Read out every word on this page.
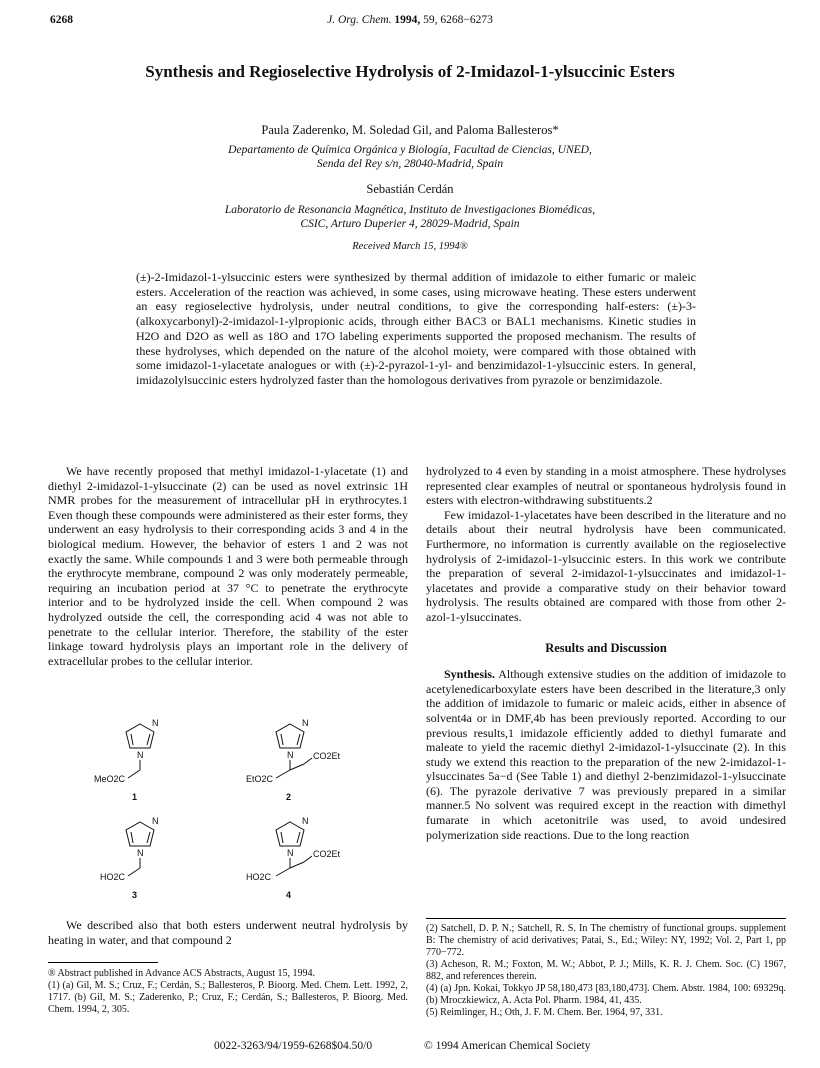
6268	J. Org. Chem. 1994, 59, 6268−6273
Synthesis and Regioselective Hydrolysis of 2-Imidazol-1-ylsuccinic Esters
Paula Zaderenko, M. Soledad Gil, and Paloma Ballesteros*
Departamento de Química Orgánica y Biología, Facultad de Ciencias, UNED,
Senda del Rey s/n, 28040-Madrid, Spain
Sebastián Cerdán
Laboratorio de Resonancia Magnética, Instituto de Investigaciones Biomédicas,
CSIC, Arturo Duperier 4, 28029-Madrid, Spain
Received March 15, 1994®
(±)-2-Imidazol-1-ylsuccinic esters were synthesized by thermal addition of imidazole to either fumaric or maleic esters. Acceleration of the reaction was achieved, in some cases, using microwave heating. These esters underwent an easy regioselective hydrolysis, under neutral conditions, to give the corresponding half-esters: (±)-3-(alkoxycarbonyl)-2-imidazol-1-ylpropionic acids, through either BAC3 or BAL1 mechanisms. Kinetic studies in H2O and D2O as well as 18O and 17O labeling experiments supported the proposed mechanism. The results of these hydrolyses, which depended on the nature of the alcohol moiety, were compared with those obtained with some imidazol-1-ylacetate analogues or with (±)-2-pyrazol-1-yl- and benzimidazol-1-ylsuccinic esters. In general, imidazolylsuccinic esters hydrolyzed faster than the homologous derivatives from pyrazole or benzimidazole.

We have recently proposed that methyl imidazol-1-ylacetate (1) and diethyl 2-imidazol-1-ylsuccinate (2) can be used as novel extrinsic 1H NMR probes for the measurement of intracellular pH in erythrocytes.1 Even though these compounds were administered as their ester forms, they underwent an easy hydrolysis to their corresponding acids 3 and 4 in the biological medium. However, the behavior of esters 1 and 2 was not exactly the same. While compounds 1 and 3 were both permeable through the erythrocyte membrane, compound 2 was only moderately permeable, requiring an incubation period at 37 °C to penetrate the erythrocyte interior and to be hydrolyzed inside the cell. When compound 2 was hydrolyzed outside the cell, the corresponding acid 4 was not able to penetrate to the cellular interior. Therefore, the stability of the ester linkage toward hydrolysis plays an important role in the delivery of extracellular probes to the cellular interior.

N
N
MeO2C
1
N
N CO2Et
EtO2C
2
N
N
HO2C
3
N
N CO2Et
HO2C
4

We described also that both esters underwent neutral hydrolysis by heating in water, and that compound 2

® Abstract published in Advance ACS Abstracts, August 15, 1994.
(1) (a) Gil, M. S.; Cruz, F.; Cerdán, S.; Ballesteros, P. Bioorg. Med. Chem. Lett. 1992, 2, 1717. (b) Gil, M. S.; Zaderenko, P.; Cruz, F.; Cerdán, S.; Ballesteros, P. Bioorg. Med. Chem. 1994, 2, 305.

hydrolyzed to 4 even by standing in a moist atmosphere. These hydrolyses represented clear examples of neutral or spontaneous hydrolysis found in esters with electron-withdrawing substituents.2

Few imidazol-1-ylacetates have been described in the literature and no details about their neutral hydrolysis have been communicated. Furthermore, no information is currently available on the regioselective hydrolysis of 2-imidazol-1-ylsuccinic esters. In this work we contribute the preparation of several 2-imidazol-1-ylsuccinates and imidazol-1-ylacetates and provide a comparative study on their behavior toward hydrolysis. The results obtained are compared with those from other 2-azol-1-ylsuccinates.

Results and Discussion

Synthesis. Although extensive studies on the addition of imidazole to acetylenedicarboxylate esters have been described in the literature,3 only the addition of imidazole to fumaric or maleic acids, either in absence of solvent4a or in DMF,4b has been previously reported. According to our previous results,1 imidazole efficiently added to diethyl fumarate and maleate to yield the racemic diethyl 2-imidazol-1-ylsuccinate (2). In this study we extend this reaction to the preparation of the new 2-imidazol-1-ylsuccinates 5a−d (See Table 1) and diethyl 2-benzimidazol-1-ylsuccinate (6). The pyrazole derivative 7 was previously prepared in a similar manner.5 No solvent was required except in the reaction with dimethyl fumarate in which acetonitrile was used, to avoid undesired polymerization side reactions. Due to the long reaction

(2) Satchell, D. P. N.; Satchell, R. S. In The chemistry of functional groups. supplement B: The chemistry of acid derivatives; Patai, S., Ed.; Wiley: NY, 1992; Vol. 2, Part 1, pp 770−772.
(3) Acheson, R. M.; Foxton, M. W.; Abbot, P. J.; Mills, K. R. J. Chem. Soc. (C) 1967, 882, and references therein.
(4) (a) Jpn. Kokai, Tokkyo JP 58,180,473 [83,180,473]. Chem. Abstr. 1984, 100: 69329q. (b) Mroczkiewicz, A. Acta Pol. Pharm. 1984, 41, 435.
(5) Reimlinger, H.; Oth, J. F. M. Chem. Ber. 1964, 97, 331.
0022-3263/94/1959-6268$04.50/0	© 1994 American Chemical Society
